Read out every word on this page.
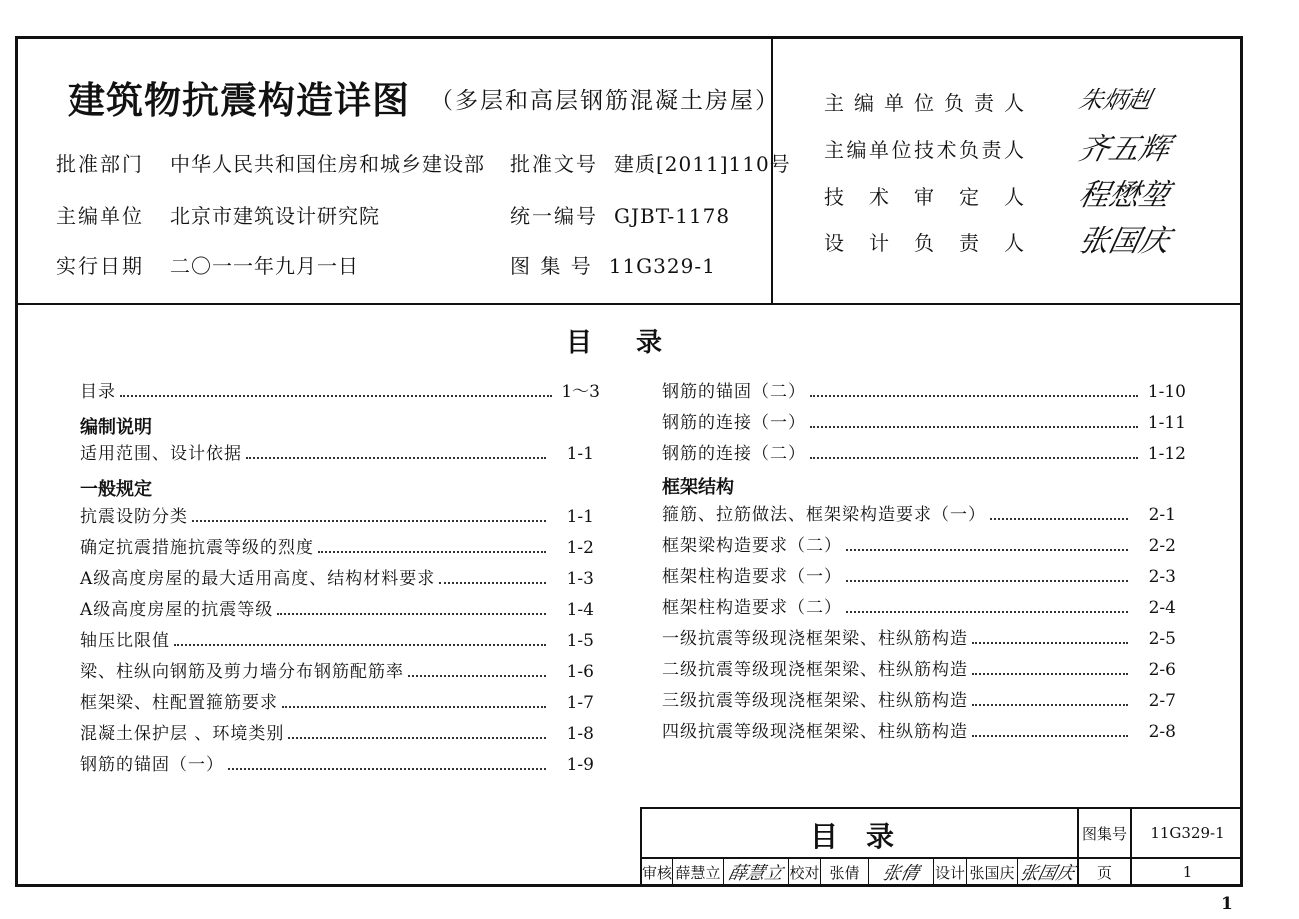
建筑物抗震构造详图 （多层和高层钢筋混凝土房屋）
批准部门 中华人民共和国住房和城乡建设部
主编单位 北京市建筑设计研究院
实行日期 二〇一一年九月一日
批准文号 建质[2011]110号
统一编号 GJBT-1178
图 集 号 11G329-1
主编单位负责人 朱炳赳
主编单位技术负责人 齐五辉
技术审定人 程懋堃
设计负责人 张国庆
目录
目录	1～3
编制说明
适用范围、设计依据	1-1
一般规定
抗震设防分类	1-1
确定抗震措施抗震等级的烈度	1-2
A级高度房屋的最大适用高度、结构材料要求	1-3
A级高度房屋的抗震等级	1-4
轴压比限值	1-5
梁、柱纵向钢筋及剪力墙分布钢筋配筋率	1-6
框架梁、柱配置箍筋要求	1-7
混凝土保护层 、环境类别	1-8
钢筋的锚固（一）	1-9
钢筋的锚固（二）	1-10
钢筋的连接（一）	1-11
钢筋的连接（二）	1-12
框架结构
箍筋、拉筋做法、框架梁构造要求（一）	2-1
框架梁构造要求（二）	2-2
框架柱构造要求（一）	2-3
框架柱构造要求（二）	2-4
一级抗震等级现浇框架梁、柱纵筋构造	2-5
二级抗震等级现浇框架梁、柱纵筋构造	2-6
三级抗震等级现浇框架梁、柱纵筋构造	2-7
四级抗震等级现浇框架梁、柱纵筋构造	2-8
目录	图集号	11G329-1
页	1
审核 薛慧立 薛慧立 校对 张倩	张倩 设计 张国庆 张国庆
1
